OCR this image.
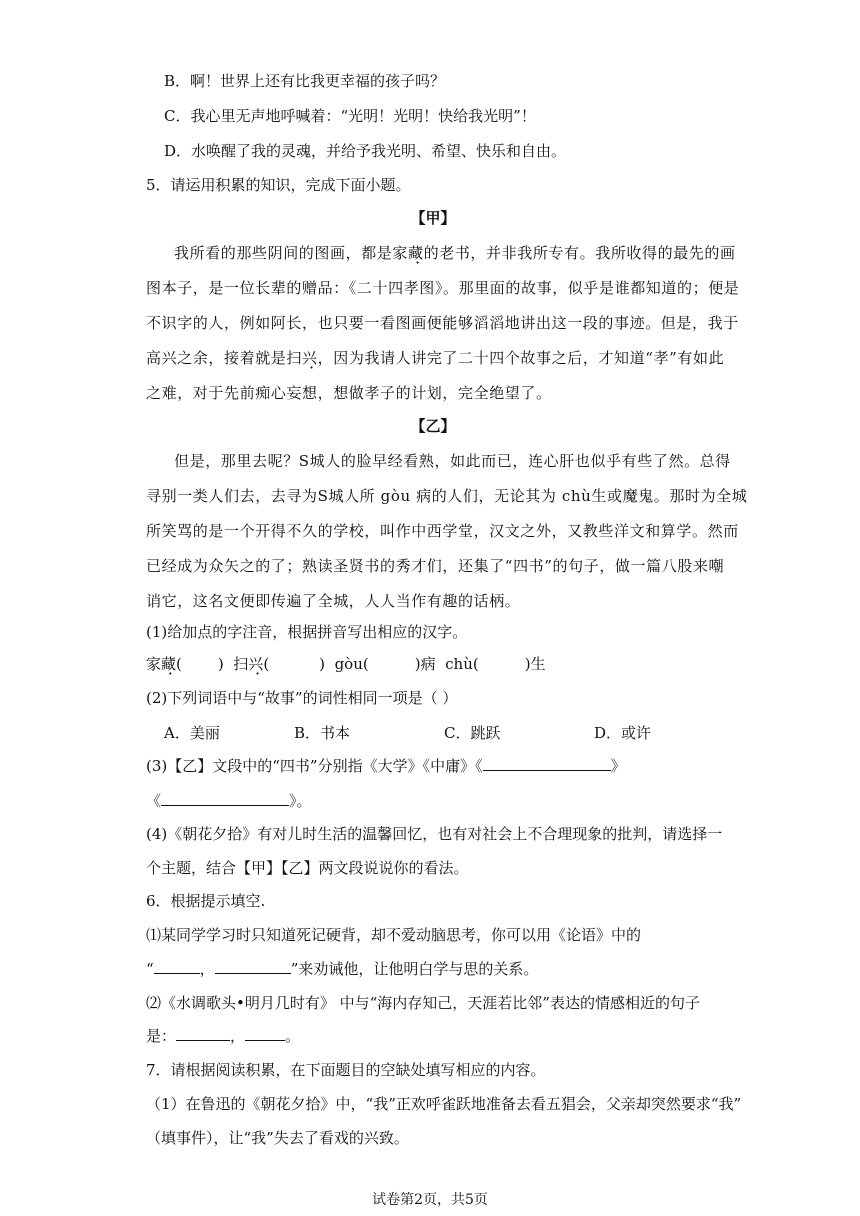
B．啊！世界上还有比我更幸福的孩子吗？
C．我心里无声地呼喊着：“光明！光明！快给我光明”！
D．水唤醒了我的灵魂，并给予我光明、希望、快乐和自由。
5．请运用积累的知识，完成下面小题。
【甲】
我所看的那些阴间的图画，都是家藏的老书，并非我所专有。我所收得的最先的画
图本子，是一位长辈的赠品：《二十四孝图》。那里面的故事，似乎是谁都知道的；便是
不识字的人，例如阿长，也只要一看图画便能够滔滔地讲出这一段的事迹。但是，我于
高兴之余，接着就是扫兴，因为我请人讲完了二十四个故事之后，才知道“孝”有如此
之难，对于先前痴心妄想，想做孝子的计划，完全绝望了。
【乙】
但是，那里去呢？S城人的脸早经看熟，如此而已，连心肝也似乎有些了然。总得
寻别一类人们去，去寻为S城人所 gòu 病的人们，无论其为 chù生或魔鬼。那时为全城
所笑骂的是一个开得不久的学校，叫作中西学堂，汉文之外，又教些洋文和算学。然而
已经成为众矢之的了；熟读圣贤书的秀才们，还集了“四书”的句子，做一篇八股来嘲
诮它，这名文便即传遍了全城，人人当作有趣的话柄。
(1)给加点的字注音，根据拼音写出相应的汉字。
家藏( )  扫兴(	)  gòu(	)病 chù(	)生
(2)下列词语中与“故事”的词性相同一项是（ ）
A．美丽	B．书本	C．跳跃	D．或许
(3)【乙】文段中的“四书”分别指《大学》《中庸》《	》
《	》。
(4)《朝花夕拾》有对儿时生活的温馨回忆，也有对社会上不合理现象的批判，请选择一
个主题，结合【甲】【乙】两文段说说你的看法。
6．根据提示填空.
⑴某同学学习时只知道死记硬背，却不爱动脑思考，你可以用《论语》中的
“	，	”来劝诫他，让他明白学与思的关系。
⑵《水调歌头•明月几时有》 中与“海内存知己，天涯若比邻”表达的情感相近的句子
是：	，	。
7．请根据阅读积累，在下面题目的空缺处填写相应的内容。
（1）在鲁迅的《朝花夕拾》中，“我”正欢呼雀跃地准备去看五猖会，父亲却突然要求“我”
（填事件），让“我”失去了看戏的兴致。
试卷第2页，共5页
